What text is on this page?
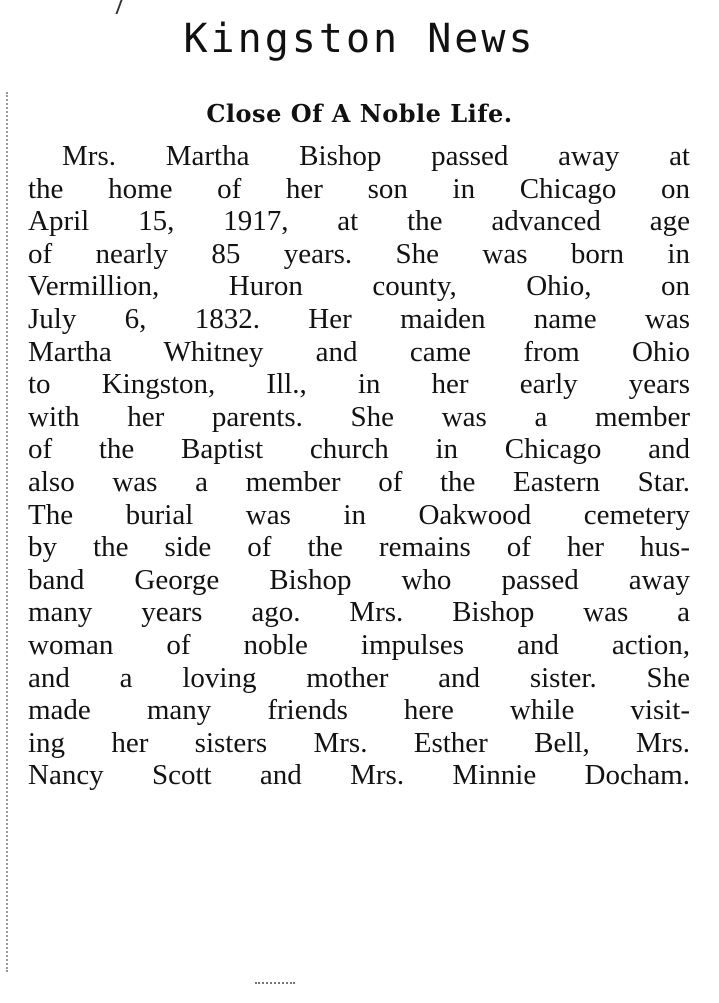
Kingston News
Close Of A Noble Life.
Mrs. Martha Bishop passed away at
the home of her son in Chicago on
April 15, 1917, at the advanced age
of nearly 85 years. She was born in
Vermillion, Huron county, Ohio, on
July 6, 1832. Her maiden name was
Martha Whitney and came from Ohio
to Kingston, Ill., in her early years
with her parents. She was a member
of the Baptist church in Chicago and
also was a member of the Eastern Star.
The burial was in Oakwood cemetery
by the side of the remains of her hus-
band George Bishop who passed away
many years ago. Mrs. Bishop was a
woman of noble impulses and action,
and a loving mother and sister. She
made many friends here while visit-
ing her sisters Mrs. Esther Bell, Mrs.
Nancy Scott and Mrs. Minnie Docham.
